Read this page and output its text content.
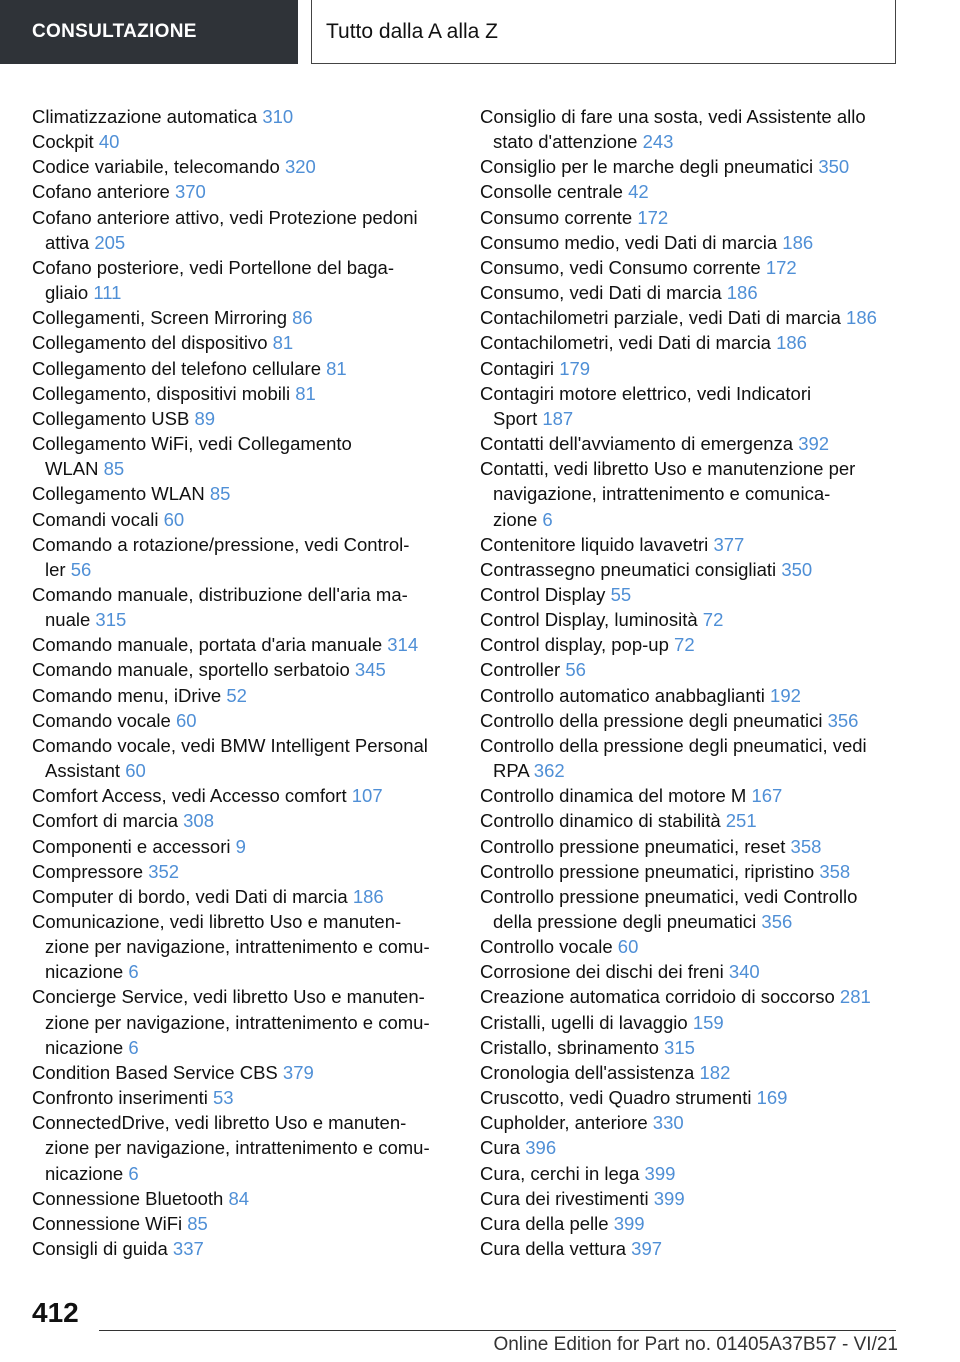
CONSULTAZIONE	Tutto dalla A alla Z
Climatizzazione automatica 310
Cockpit 40
Codice variabile, telecomando 320
Cofano anteriore 370
Cofano anteriore attivo, vedi Protezione pedoni
attiva 205
Cofano posteriore, vedi Portellone del baga-
gliaio 111
Collegamenti, Screen Mirroring 86
Collegamento del dispositivo 81
Collegamento del telefono cellulare 81
Collegamento, dispositivi mobili 81
Collegamento USB 89
Collegamento WiFi, vedi Collegamento
WLAN 85
Collegamento WLAN 85
Comandi vocali 60
Comando a rotazione/pressione, vedi Control-
ler 56
Comando manuale, distribuzione dell'aria ma-
nuale 315
Comando manuale, portata d'aria manuale 314
Comando manuale, sportello serbatoio 345
Comando menu, iDrive 52
Comando vocale 60
Comando vocale, vedi BMW Intelligent Personal
Assistant 60
Comfort Access, vedi Accesso comfort 107
Comfort di marcia 308
Componenti e accessori 9
Compressore 352
Computer di bordo, vedi Dati di marcia 186
Comunicazione, vedi libretto Uso e manuten-
zione per navigazione, intrattenimento e comu-
nicazione 6
Concierge Service, vedi libretto Uso e manuten-
zione per navigazione, intrattenimento e comu-
nicazione 6
Condition Based Service CBS 379
Confronto inserimenti 53
ConnectedDrive, vedi libretto Uso e manuten-
zione per navigazione, intrattenimento e comu-
nicazione 6
Connessione Bluetooth 84
Connessione WiFi 85
Consigli di guida 337
Consiglio di fare una sosta, vedi Assistente allo
stato d'attenzione 243
Consiglio per le marche degli pneumatici 350
Consolle centrale 42
Consumo corrente 172
Consumo medio, vedi Dati di marcia 186
Consumo, vedi Consumo corrente 172
Consumo, vedi Dati di marcia 186
Contachilometri parziale, vedi Dati di marcia 186
Contachilometri, vedi Dati di marcia 186
Contagiri 179
Contagiri motore elettrico, vedi Indicatori
Sport 187
Contatti dell'avviamento di emergenza 392
Contatti, vedi libretto Uso e manutenzione per
navigazione, intrattenimento e comunica-
zione 6
Contenitore liquido lavavetri 377
Contrassegno pneumatici consigliati 350
Control Display 55
Control Display, luminosità 72
Control display, pop-up 72
Controller 56
Controllo automatico anabbaglianti 192
Controllo della pressione degli pneumatici 356
Controllo della pressione degli pneumatici, vedi
RPA 362
Controllo dinamica del motore M 167
Controllo dinamico di stabilità 251
Controllo pressione pneumatici, reset 358
Controllo pressione pneumatici, ripristino 358
Controllo pressione pneumatici, vedi Controllo
della pressione degli pneumatici 356
Controllo vocale 60
Corrosione dei dischi dei freni 340
Creazione automatica corridoio di soccorso 281
Cristalli, ugelli di lavaggio 159
Cristallo, sbrinamento 315
Cronologia dell'assistenza 182
Cruscotto, vedi Quadro strumenti 169
Cupholder, anteriore 330
Cura 396
Cura, cerchi in lega 399
Cura dei rivestimenti 399
Cura della pelle 399
Cura della vettura 397
412
Online Edition for Part no. 01405A37B57 - VI/21
